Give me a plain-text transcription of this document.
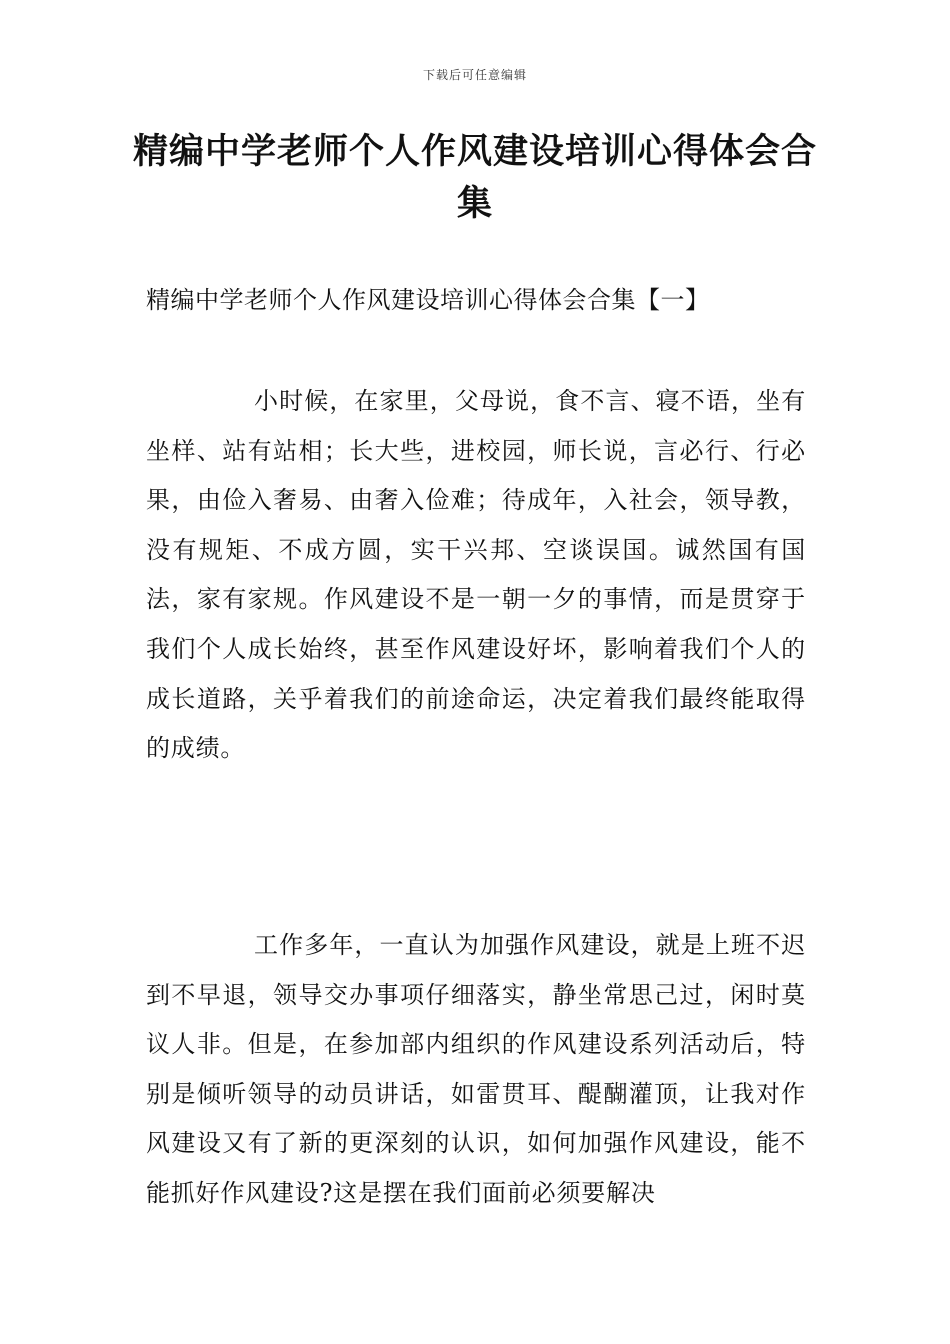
下载后可任意编辑
精编中学老师个人作风建设培训心得体会合集
精编中学老师个人作风建设培训心得体会合集【一】
小时候，在家里，父母说，食不言、寝不语，坐有坐样、站有站相；长大些，进校园，师长说，言必行、行必果，由俭入奢易、由奢入俭难；待成年，入社会，领导教，没有规矩、不成方圆，实干兴邦、空谈误国。诚然国有国法，家有家规。作风建设不是一朝一夕的事情，而是贯穿于我们个人成长始终，甚至作风建设好坏，影响着我们个人的成长道路，关乎着我们的前途命运，决定着我们最终能取得的成绩。
工作多年，一直认为加强作风建设，就是上班不迟到不早退，领导交办事项仔细落实，静坐常思己过，闲时莫议人非。但是，在参加部内组织的作风建设系列活动后，特别是倾听领导的动员讲话，如雷贯耳、醍醐灌顶，让我对作风建设又有了新的更深刻的认识，如何加强作风建设，能不能抓好作风建设?这是摆在我们面前必须要解决
